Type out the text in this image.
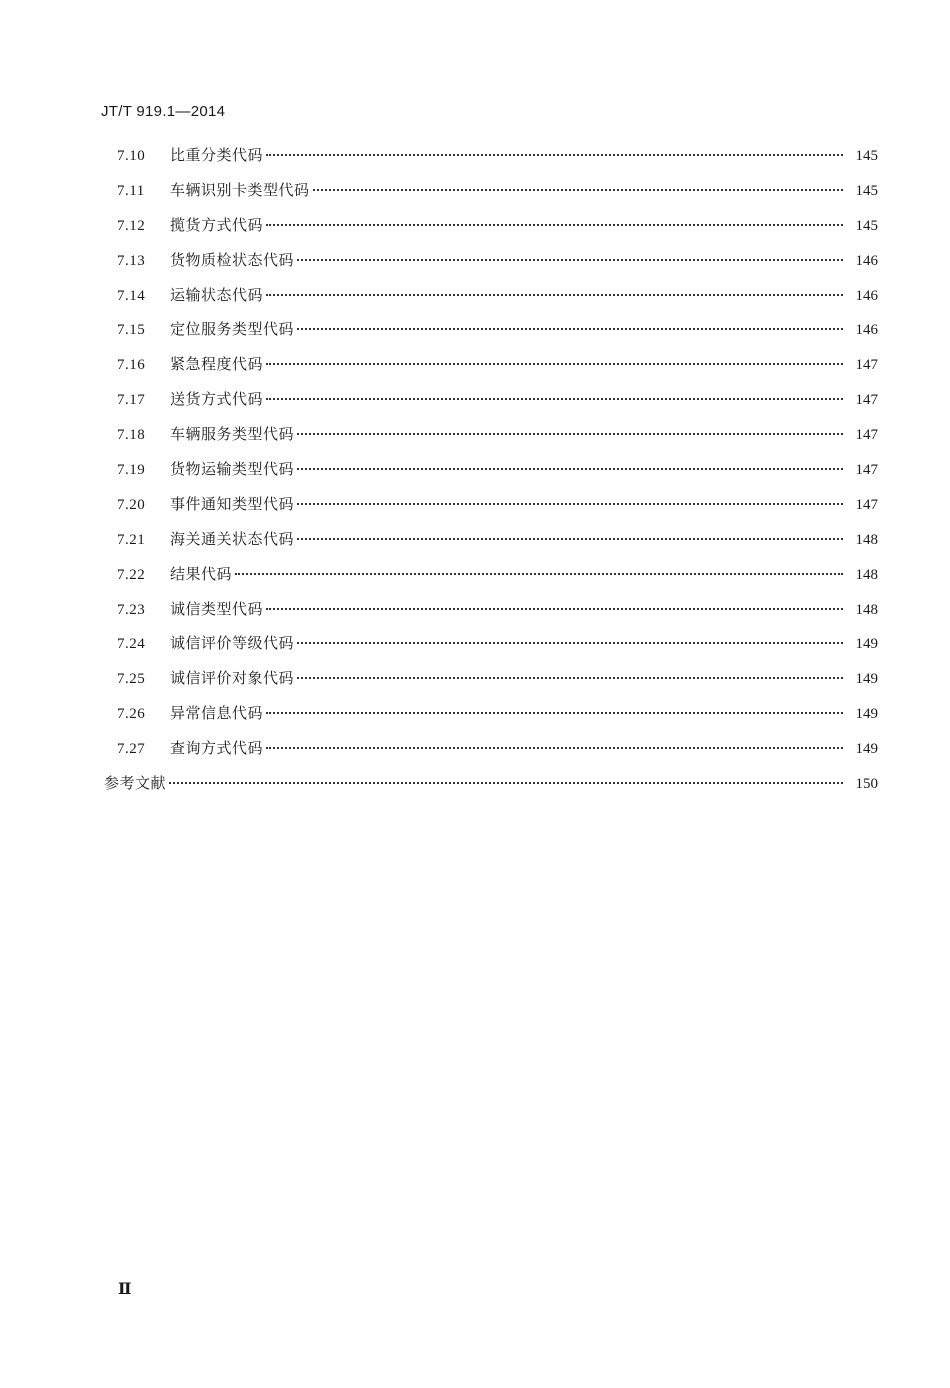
JT/T 919.1—2014
7.10	比重分类代码	145
7.11	车辆识别卡类型代码	145
7.12	揽货方式代码	145
7.13	货物质检状态代码	146
7.14	运输状态代码	146
7.15	定位服务类型代码	146
7.16	紧急程度代码	147
7.17	送货方式代码	147
7.18	车辆服务类型代码	147
7.19	货物运输类型代码	147
7.20	事件通知类型代码	147
7.21	海关通关状态代码	148
7.22	结果代码	148
7.23	诚信类型代码	148
7.24	诚信评价等级代码	149
7.25	诚信评价对象代码	149
7.26	异常信息代码	149
7.27	查询方式代码	149
参考文献	150
Ⅱ
